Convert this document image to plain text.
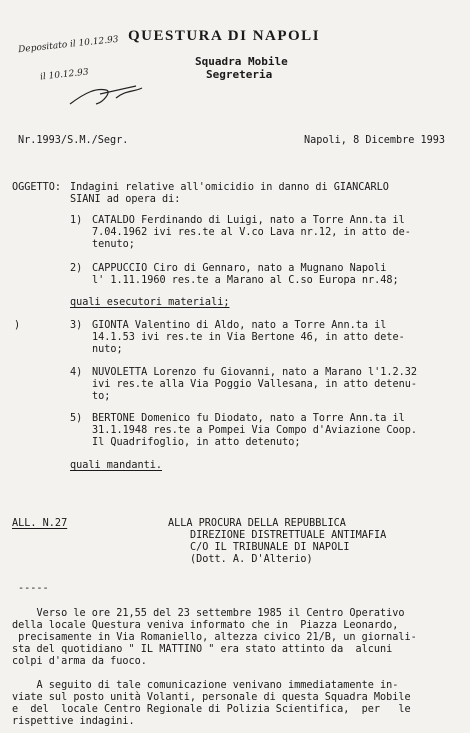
QUESTURA DI NAPOLI
Squadra Mobile
Segreteria
Depositato il 10.12.93
il 10.12.93
Nr.1993/S.M./Segr.	Napoli, 8 Dicembre 1993
OGGETTO: Indagini relative all'omicidio in danno di GIANCARLO
SIANI ad opera di:
1) CATALDO Ferdinando di Luigi, nato a Torre Ann.ta il
7.04.1962 ivi res.te al V.co Lava nr.12, in atto de-
tenuto;
2) CAPPUCCIO Ciro di Gennaro, nato a Mugnano Napoli
l' 1.11.1960 res.te a Marano al C.so Europa nr.48;
quali esecutori materiali;
)	3) GIONTA Valentino di Aldo, nato a Torre Ann.ta il
14.1.53 ivi res.te in Via Bertone 46, in atto dete-
nuto;
4) NUVOLETTA Lorenzo fu Giovanni, nato a Marano l'1.2.32
ivi res.te alla Via Poggio Vallesana, in atto detenu-
to;
5) BERTONE Domenico fu Diodato, nato a Torre Ann.ta il
31.1.1948 res.te a Pompei Via Compo d'Aviazione Coop.
Il Quadrifoglio, in atto detenuto;
quali mandanti.
ALL. N.27	ALLA PROCURA DELLA REPUBBLICA
DIREZIONE DISTRETTUALE ANTIMAFIA
C/O IL TRIBUNALE DI NAPOLI
(Dott. A. D'Alterio)
-----
Verso le ore 21,55 del 23 settembre 1985 il Centro Operativo
della locale Questura veniva informato che in  Piazza Leonardo,
precisamente in Via Romaniello, altezza civico 21/B, un giornali-
sta del quotidiano " IL MATTINO " era stato attinto da  alcuni
colpi d'arma da fuoco.
A seguito di tale comunicazione venivano immediatamente in-
viate sul posto unità Volanti, personale di questa Squadra Mobile
e  del  locale Centro Regionale di Polizia Scientifica,  per   le
rispettive indagini.
